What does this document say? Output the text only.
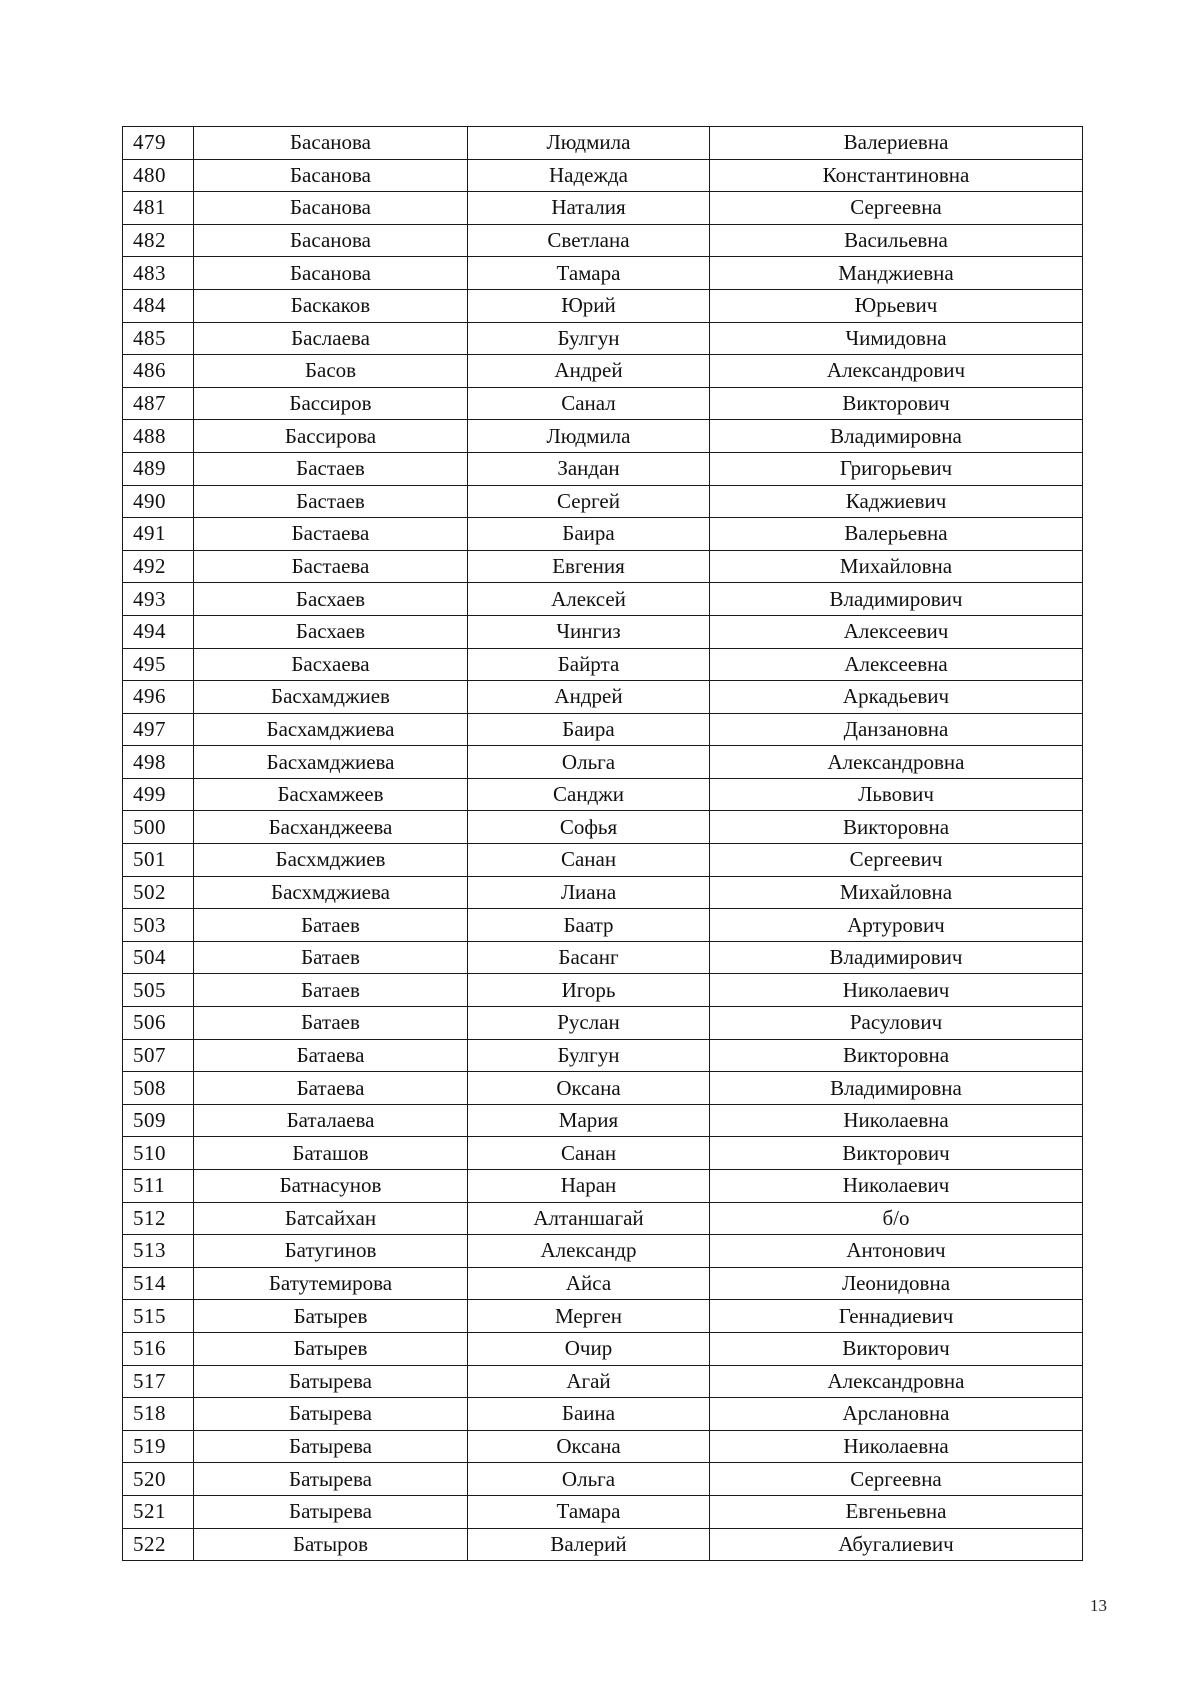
479	Басанова	Людмила	Валериевна
480	Басанова	Надежда	Константиновна
481	Басанова	Наталия	Сергеевна
482	Басанова	Светлана	Васильевна
483	Басанова	Тамара	Манджиевна
484	Баскаков	Юрий	Юрьевич
485	Баслаева	Булгун	Чимидовна
486	Басов	Андрей	Александрович
487	Бассиров	Санал	Викторович
488	Бассирова	Людмила	Владимировна
489	Бастаев	Зандан	Григорьевич
490	Бастаев	Сергей	Каджиевич
491	Бастаева	Баира	Валерьевна
492	Бастаева	Евгения	Михайловна
493	Басхаев	Алексей	Владимирович
494	Басхаев	Чингиз	Алексеевич
495	Басхаева	Байрта	Алексеевна
496	Басхамджиев	Андрей	Аркадьевич
497	Басхамджиева	Баира	Данзановна
498	Басхамджиева	Ольга	Александровна
499	Басхамжеев	Санджи	Львович
500	Басханджеева	Софья	Викторовна
501	Басхмджиев	Санан	Сергеевич
502	Басхмджиева	Лиана	Михайловна
503	Батаев	Баатр	Артурович
504	Батаев	Басанг	Владимирович
505	Батаев	Игорь	Николаевич
506	Батаев	Руслан	Расулович
507	Батаева	Булгун	Викторовна
508	Батаева	Оксана	Владимировна
509	Баталаева	Мария	Николаевна
510	Баташов	Санан	Викторович
511	Батнасунов	Наран	Николаевич
512	Батсайхан	Алтаншагай	б/о
513	Батугинов	Александр	Антонович
514	Батутемирова	Айса	Леонидовна
515	Батырев	Мерген	Геннадиевич
516	Батырев	Очир	Викторович
517	Батырева	Агай	Александровна
518	Батырева	Баина	Арслановна
519	Батырева	Оксана	Николаевна
520	Батырева	Ольга	Сергеевна
521	Батырева	Тамара	Евгеньевна
522	Батыров	Валерий	Абугалиевич
13
